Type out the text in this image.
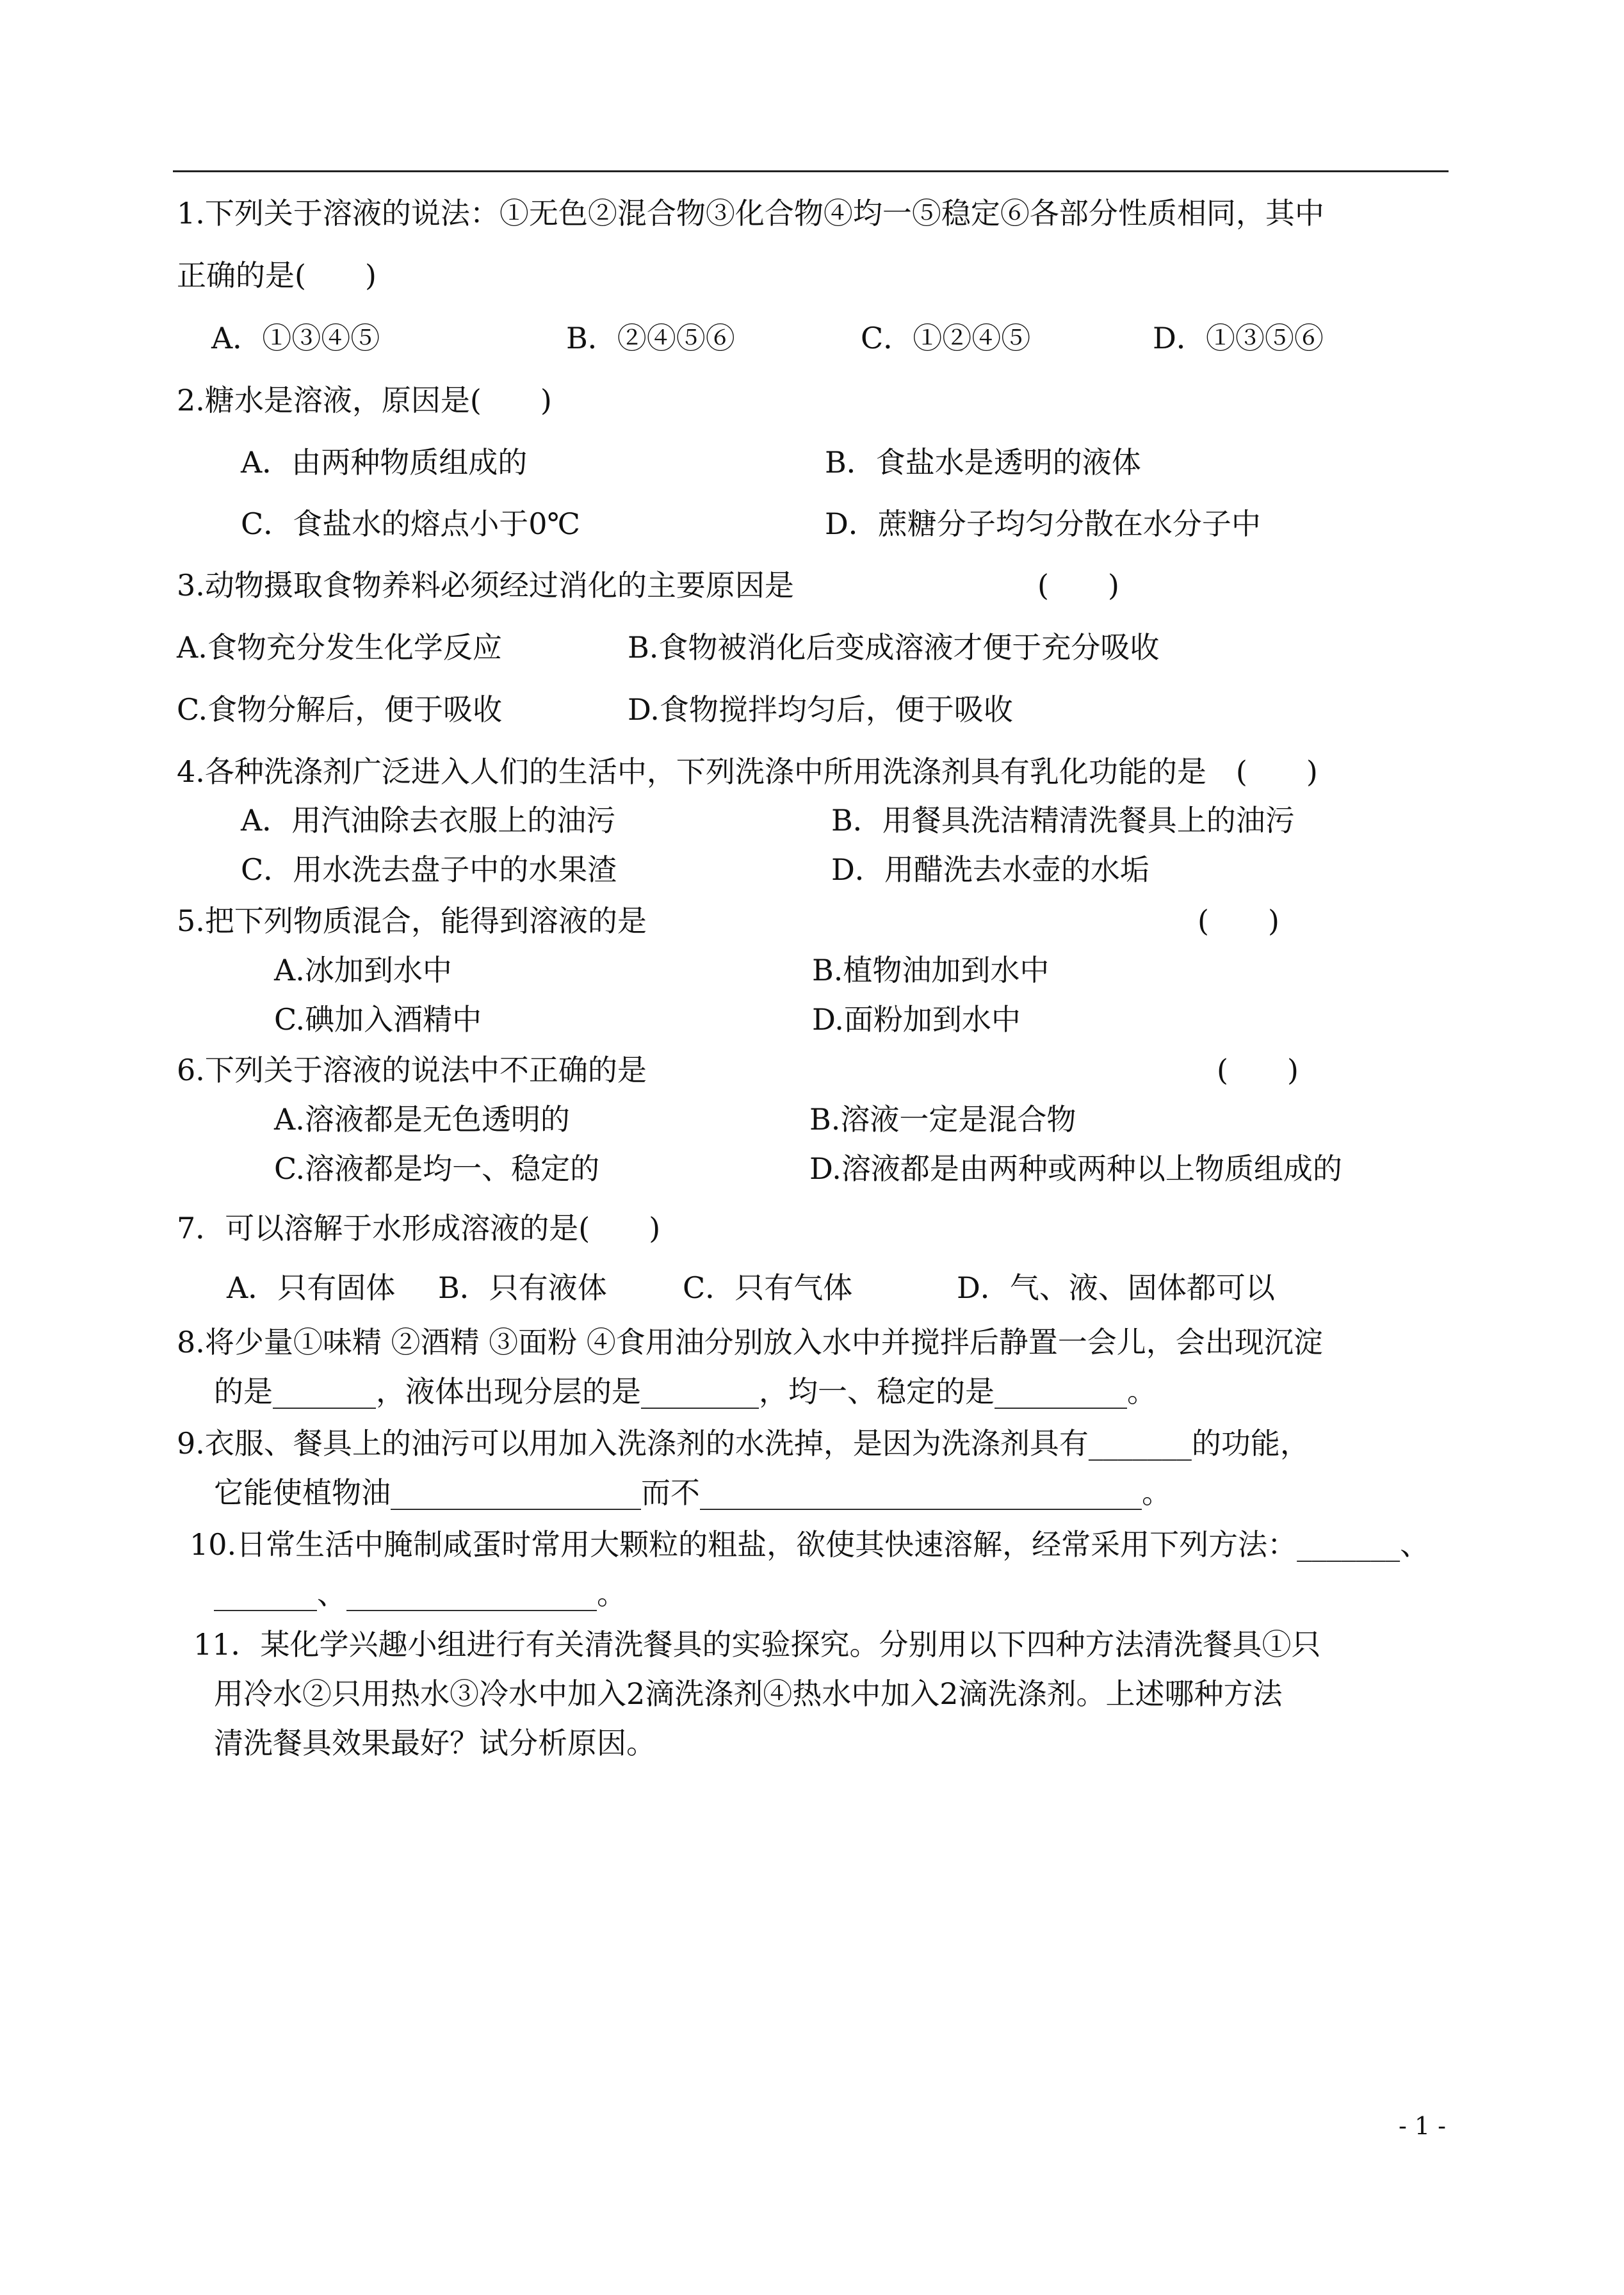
1.下列关于溶液的说法：①无色②混合物③化合物④均一⑤稳定⑥各部分性质相同，其中
正确的是(　　)
A．①③④⑤	B．②④⑤⑥	C．①②④⑤	D．①③⑤⑥
2.糖水是溶液，原因是(　　)
A．由两种物质组成的	B．食盐水是透明的液体
C．食盐水的熔点小于0℃	D．蔗糖分子均匀分散在水分子中
3.动物摄取食物养料必须经过消化的主要原因是	(　　)
A.食物充分发生化学反应	B.食物被消化后变成溶液才便于充分吸收
C.食物分解后，便于吸收	D.食物搅拌均匀后，便于吸收
4.各种洗涤剂广泛进入人们的生活中，下列洗涤中所用洗涤剂具有乳化功能的是　(　　)
A．用汽油除去衣服上的油污	B．用餐具洗洁精清洗餐具上的油污
C．用水洗去盘子中的水果渣	D．用醋洗去水壶的水垢
5.把下列物质混合，能得到溶液的是	(　　)
A.冰加到水中	B.植物油加到水中
C.碘加入酒精中	D.面粉加到水中
6.下列关于溶液的说法中不正确的是	(　　)
A.溶液都是无色透明的	B.溶液一定是混合物
C.溶液都是均一、稳定的	D.溶液都是由两种或两种以上物质组成的
7．可以溶解于水形成溶液的是(　　)
A．只有固体 B．只有液体	C．只有气体	D．气、液、固体都可以
8.将少量①味精 ②酒精 ③面粉 ④食用油分别放入水中并搅拌后静置一会儿，会出现沉淀
的是_______，液体出现分层的是________，均一、稳定的是_________。
9.衣服、餐具上的油污可以用加入洗涤剂的水洗掉，是因为洗涤剂具有_______的功能，
它能使植物油_________________而不______________________________。
10.日常生活中腌制咸蛋时常用大颗粒的粗盐，欲使其快速溶解，经常采用下列方法：_______、
_______、_________________。
11．某化学兴趣小组进行有关清洗餐具的实验探究。分别用以下四种方法清洗餐具①只
用冷水②只用热水③冷水中加入2滴洗涤剂④热水中加入2滴洗涤剂。上述哪种方法
清洗餐具效果最好？试分析原因。
- 1 -
